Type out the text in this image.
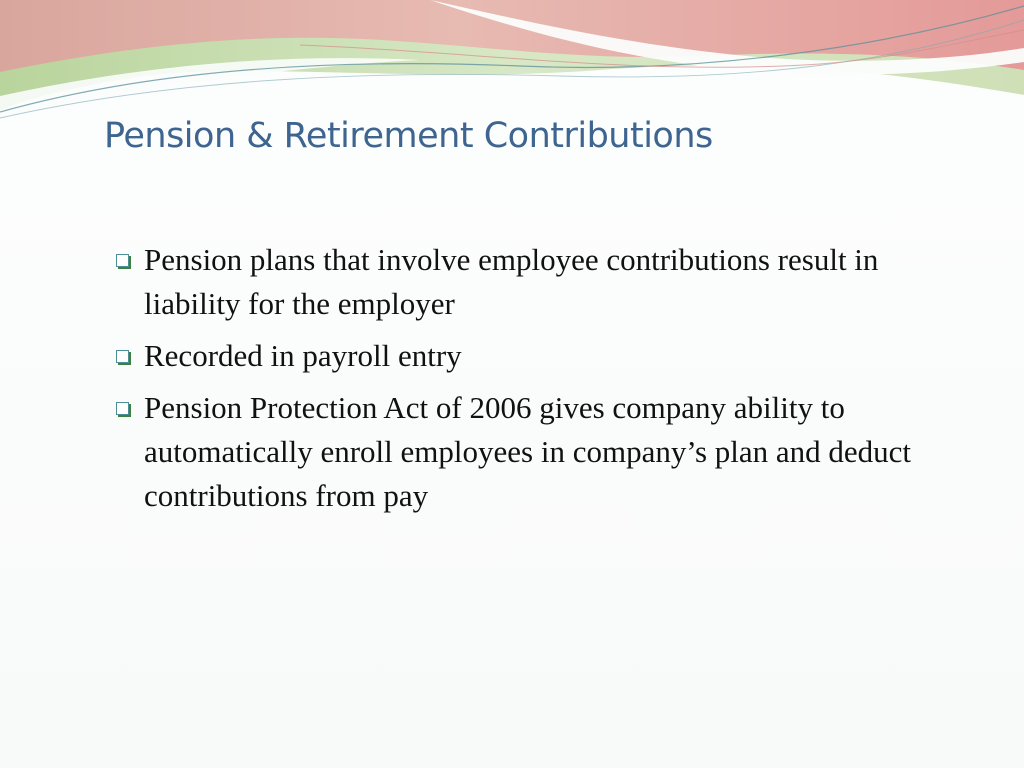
Pension & Retirement Contributions
Pension plans that involve employee contributions result in liability for the employer
Recorded in payroll entry
Pension Protection Act of 2006 gives company ability to automatically enroll employees in company’s plan and deduct contributions from pay
